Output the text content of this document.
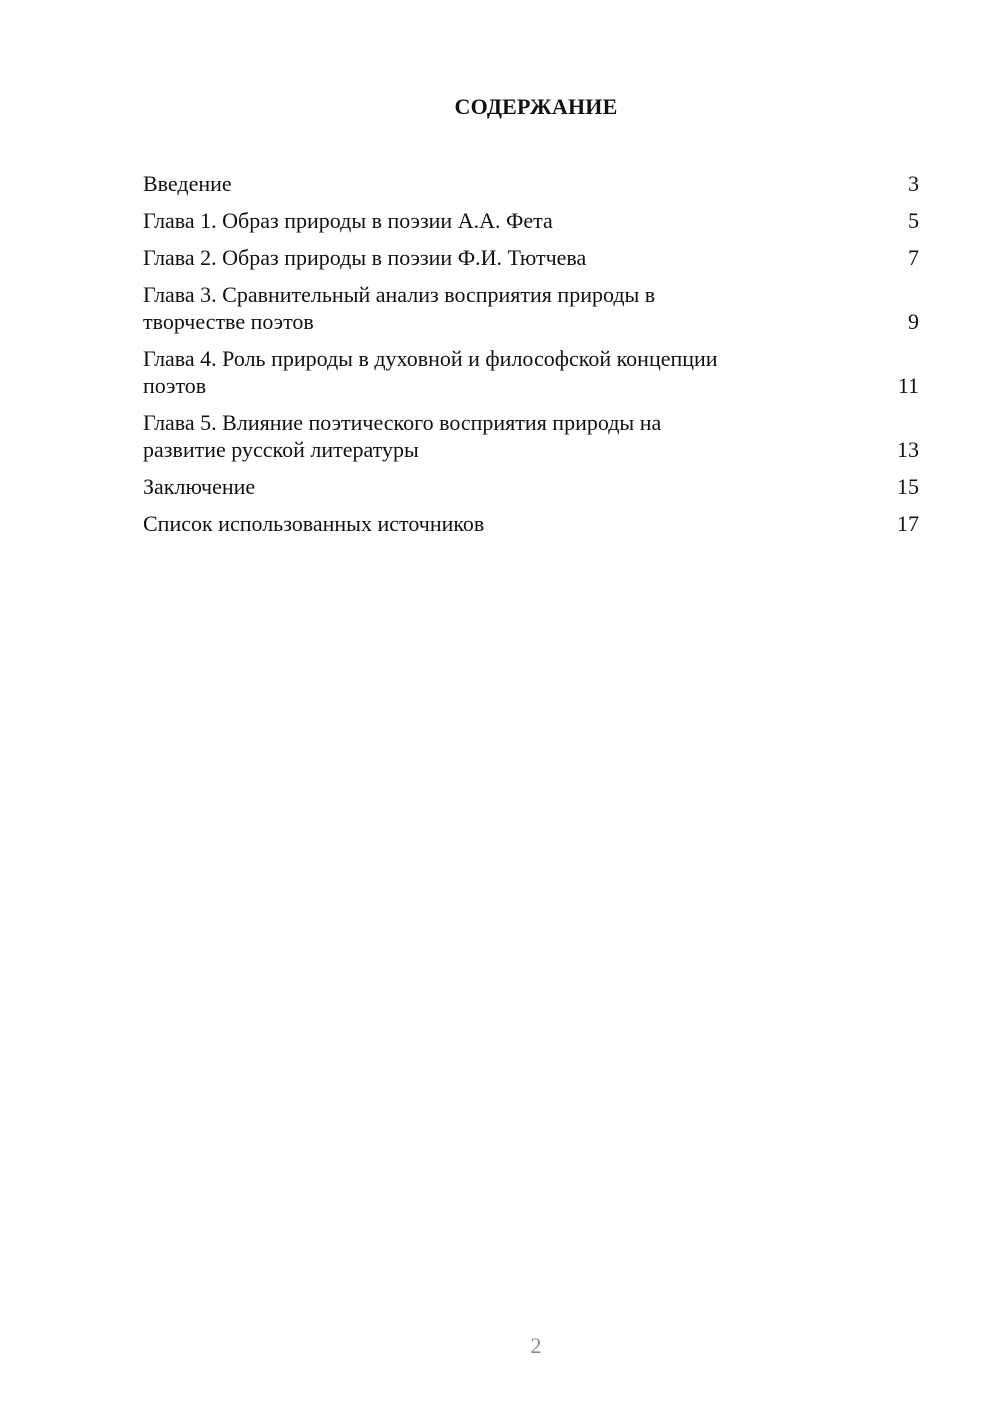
СОДЕРЖАНИЕ
Введение	3
Глава 1. Образ природы в поэзии А.А. Фета	5
Глава 2. Образ природы в поэзии Ф.И. Тютчева	7
Глава 3. Сравнительный анализ восприятия природы в
творчестве поэтов	9
Глава 4. Роль природы в духовной и философской концепции
поэтов	11
Глава 5. Влияние поэтического восприятия природы на
развитие русской литературы	13
Заключение	15
Список использованных источников	17
2
